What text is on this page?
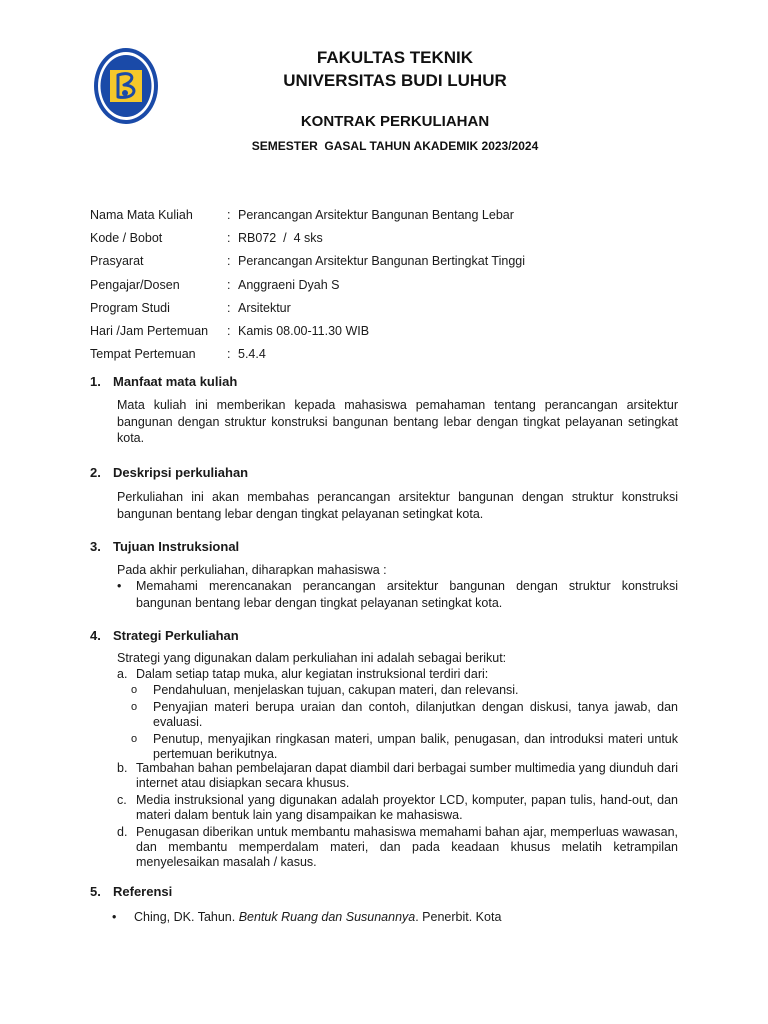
FAKULTAS TEKNIK
UNIVERSITAS BUDI LUHUR
KONTRAK PERKULIAHAN
SEMESTER  GASAL TAHUN AKADEMIK 2023/2024
Nama Mata Kuliah	: Perancangan Arsitektur Bangunan Bentang Lebar
Kode / Bobot	: RB072  /  4 sks
Prasyarat	: Perancangan Arsitektur Bangunan Bertingkat Tinggi
Pengajar/Dosen	: Anggraeni Dyah S
Program Studi	: Arsitektur
Hari /Jam Pertemuan	: Kamis 08.00-11.30 WIB
Tempat Pertemuan	: 5.4.4
1. Manfaat mata kuliah
Mata kuliah ini memberikan kepada mahasiswa pemahaman tentang perancangan arsitektur bangunan dengan struktur konstruksi bangunan bentang lebar dengan tingkat pelayanan setingkat kota.
2. Deskripsi perkuliahan
Perkuliahan ini akan membahas perancangan arsitektur bangunan dengan struktur konstruksi bangunan bentang lebar dengan tingkat pelayanan setingkat kota.
3. Tujuan Instruksional
Pada akhir perkuliahan, diharapkan mahasiswa :
•	Memahami merencanakan perancangan arsitektur bangunan dengan struktur konstruksi bangunan bentang lebar dengan tingkat pelayanan setingkat kota.
4. Strategi Perkuliahan
Strategi yang digunakan dalam perkuliahan ini adalah sebagai berikut:
a. Dalam setiap tatap muka, alur kegiatan instruksional terdiri dari:
o	Pendahuluan, menjelaskan tujuan, cakupan materi, dan relevansi.
o	Penyajian materi berupa uraian dan contoh, dilanjutkan dengan diskusi, tanya jawab, dan evaluasi.
o	Penutup, menyajikan ringkasan materi, umpan balik, penugasan, dan introduksi materi untuk pertemuan berikutnya.
b. Tambahan bahan pembelajaran dapat diambil dari berbagai sumber multimedia yang diunduh dari internet atau disiapkan secara khusus.
c. Media instruksional yang digunakan adalah proyektor LCD, komputer, papan tulis, hand-out, dan materi dalam bentuk lain yang disampaikan ke mahasiswa.
d. Penugasan diberikan untuk membantu mahasiswa memahami bahan ajar, memperluas wawasan, dan membantu memperdalam materi, dan pada keadaan khusus melatih ketrampilan menyelesaikan masalah / kasus.
5. Referensi
•	Ching, DK. Tahun. Bentuk Ruang dan Susunannya. Penerbit. Kota
